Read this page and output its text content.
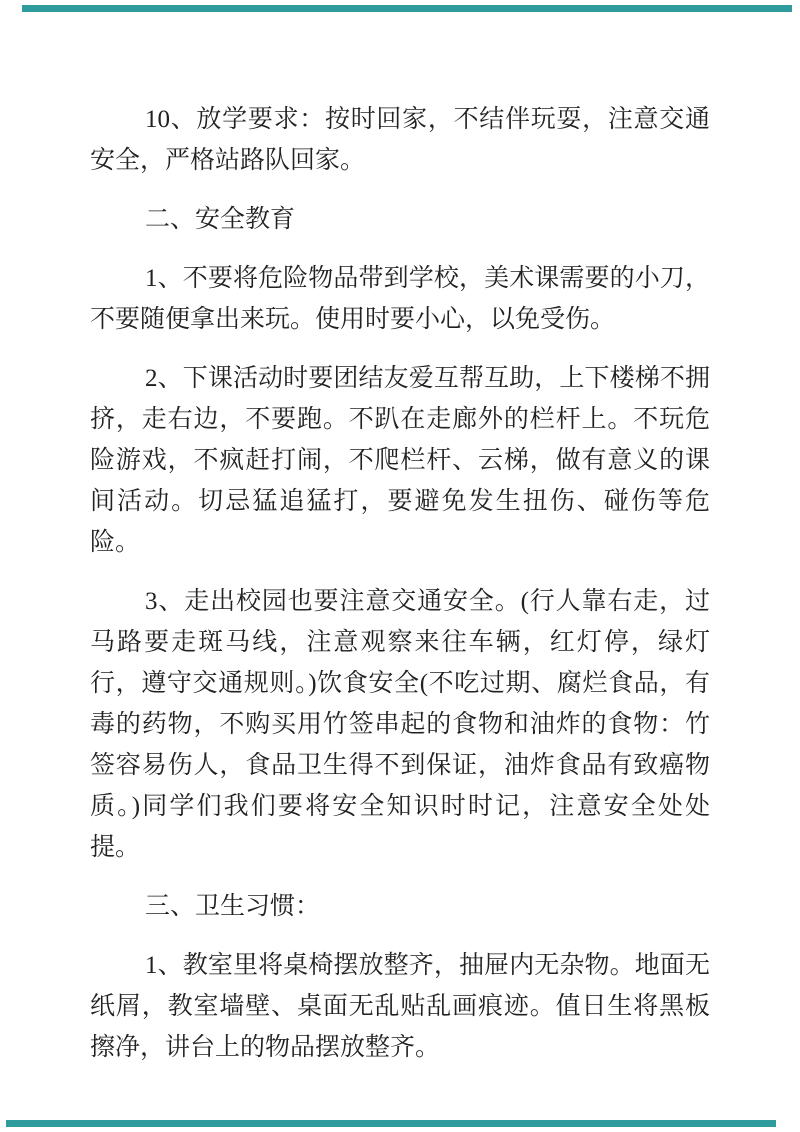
10、放学要求：按时回家，不结伴玩耍，注意交通安全，严格站路队回家。

二、安全教育

1、不要将危险物品带到学校，美术课需要的小刀，不要随便拿出来玩。使用时要小心，以免受伤。

2、下课活动时要团结友爱互帮互助，上下楼梯不拥挤，走右边，不要跑。不趴在走廊外的栏杆上。不玩危险游戏，不疯赶打闹，不爬栏杆、云梯，做有意义的课间活动。切忌猛追猛打，要避免发生扭伤、碰伤等危险。

3、走出校园也要注意交通安全。(行人靠右走，过马路要走斑马线，注意观察来往车辆，红灯停，绿灯行，遵守交通规则。)饮食安全(不吃过期、腐烂食品，有毒的药物，不购买用竹签串起的食物和油炸的食物：竹签容易伤人，食品卫生得不到保证，油炸食品有致癌物质。)同学们我们要将安全知识时时记，注意安全处处提。

三、卫生习惯：

1、教室里将桌椅摆放整齐，抽屉内无杂物。地面无纸屑，教室墙壁、桌面无乱贴乱画痕迹。值日生将黑板擦净，讲台上的物品摆放整齐。
